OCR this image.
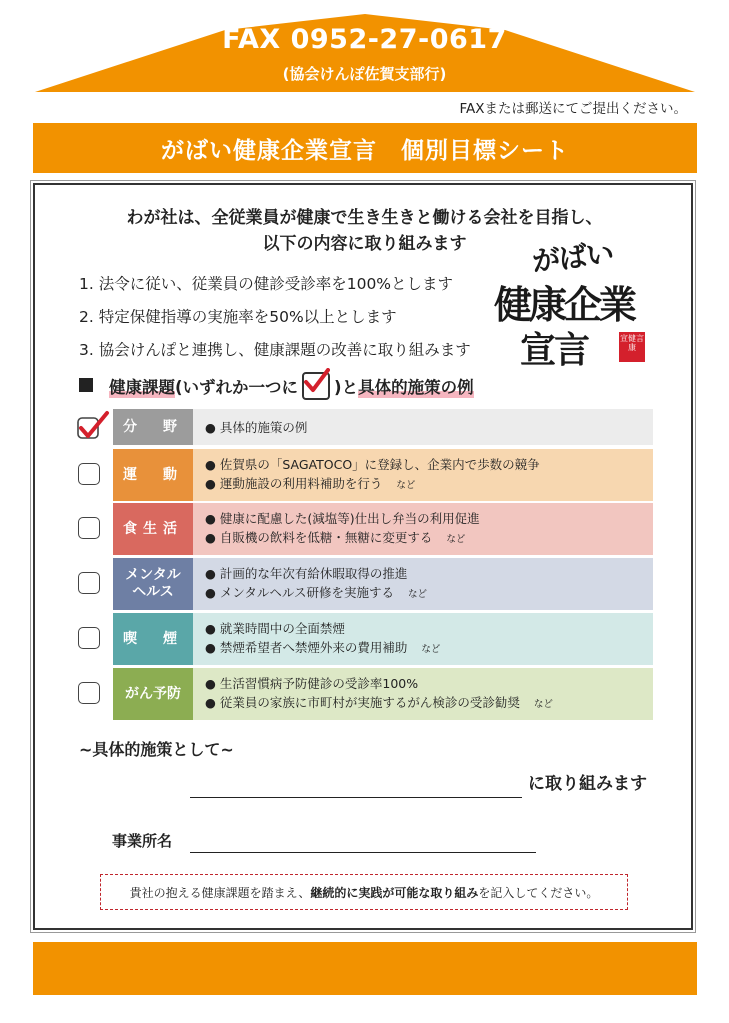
FAX 0952-27-0617
(協会けんぽ佐賀支部行)
FAXまたは郵送にてご提出ください。
がばい健康企業宣言　個別目標シート
わが社は、全従業員が健康で生き生きと働ける会社を目指し、
以下の内容に取り組みます
1. 法令に従い、従業員の健診受診率を100%とします
2. 特定保健指導の実施率を50%以上とします
3. 協会けんぽと連携し、健康課題の改善に取り組みます
がばい
健康企業
宣言	宣健言康
健康課題 (いずれか一つに )と 具体的施策の例
分　野	● 具体的施策の例
運　動
● 佐賀県の「SAGATOCO」に登録し、企業内で歩数の競争
● 運動施設の利用料補助を行う など
食生活
● 健康に配慮した(減塩等)仕出し弁当の利用促進
● 自販機の飲料を低糖・無糖に変更する など
メンタル
ヘルス
● 計画的な年次有給休暇取得の推進
● メンタルヘルス研修を実施する など
喫　煙
● 就業時間中の全面禁煙
● 禁煙希望者へ禁煙外来の費用補助 など
がん予防
● 生活習慣病予防健診の受診率100%
● 従業員の家族に市町村が実施するがん検診の受診勧奨 など
~具体的施策として~
に取り組みます
事業所名
貴社の抱える健康課題を踏まえ、 継続的に実践が可能な取り組み を記入してください。
